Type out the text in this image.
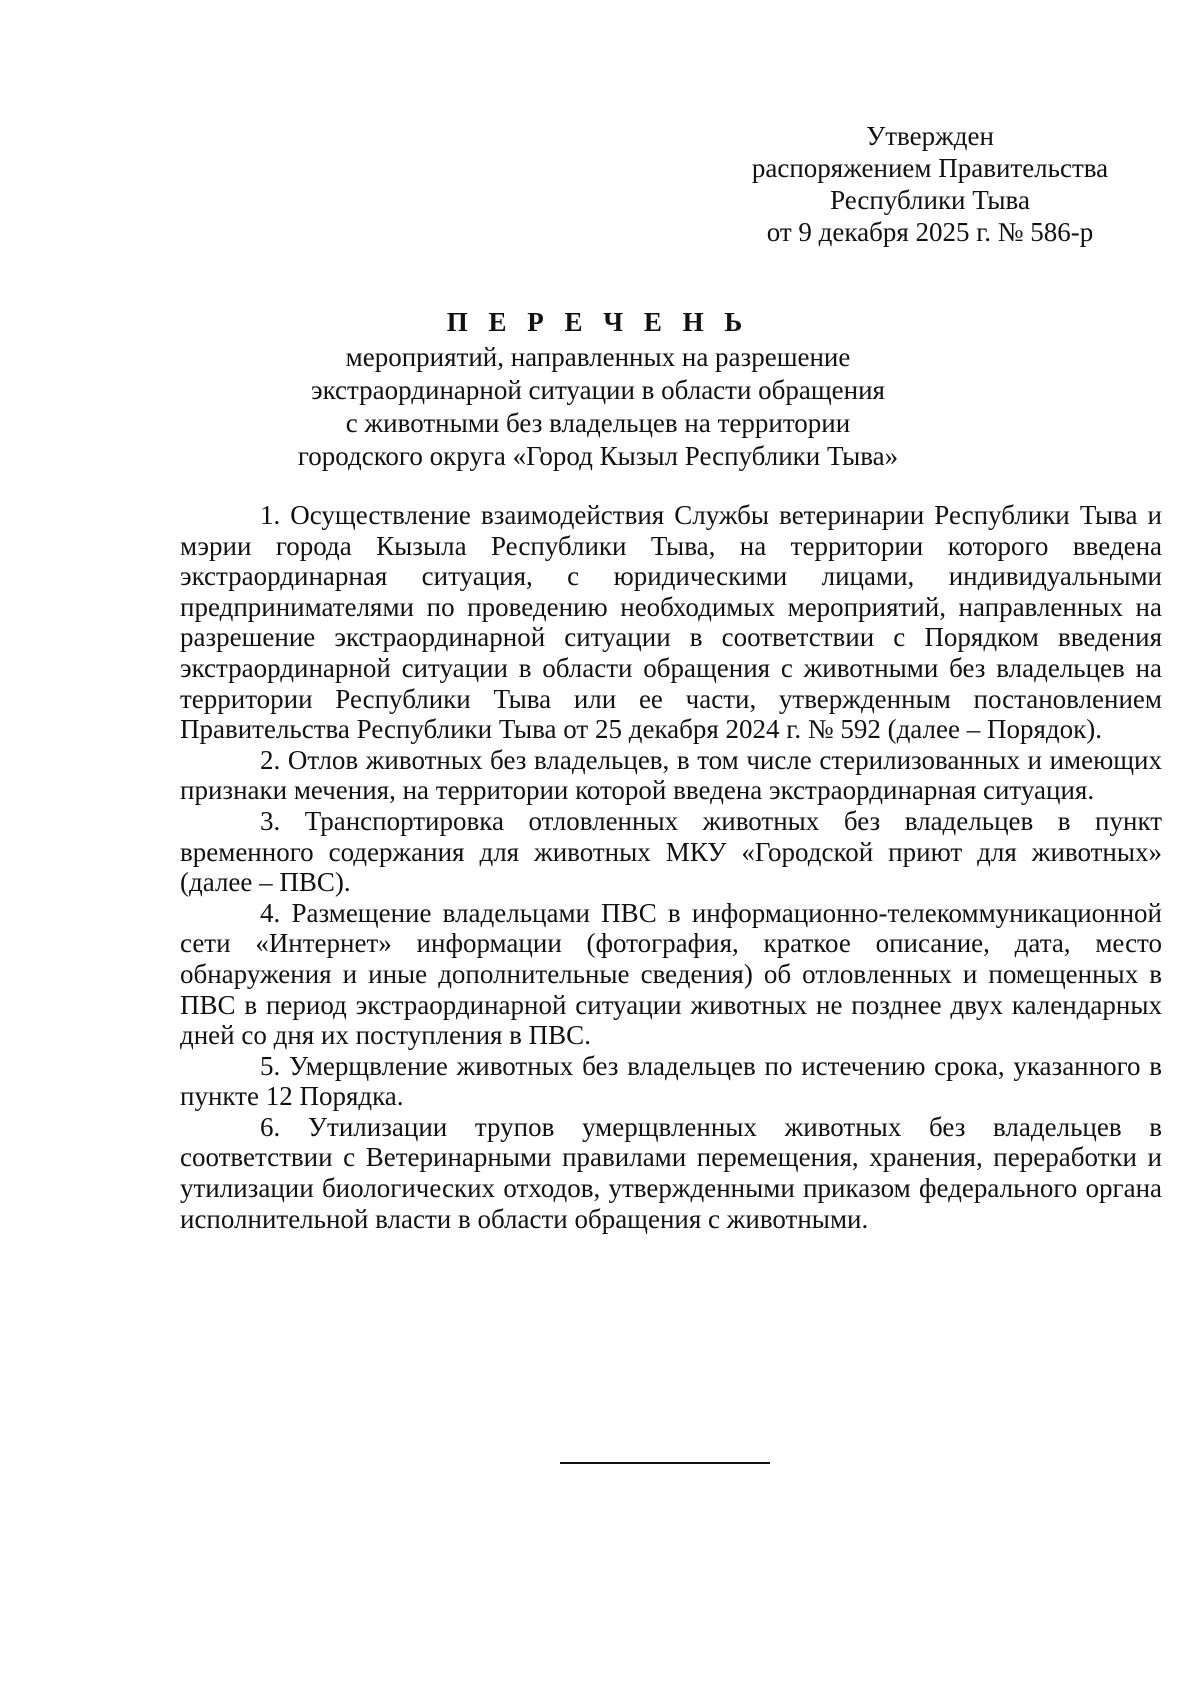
Утвержден
распоряжением Правительства
Республики Тыва
от 9 декабря 2025 г. № 586-р
П Е Р Е Ч Е Н Ь
мероприятий, направленных на разрешение
экстраординарной ситуации в области обращения
с животными без владельцев на территории
городского округа «Город Кызыл Республики Тыва»

1. Осуществление взаимодействия Службы ветеринарии Республики Тыва и мэрии города Кызыла Республики Тыва, на территории которого введена экстраординарная ситуация, с юридическими лицами, индивидуальными предпринимателями по проведению необходимых мероприятий, направленных на разрешение экстраординарной ситуации в соответствии с Порядком введения экстраординарной ситуации в области обращения с животными без владельцев на территории Республики Тыва или ее части, утвержденным постановлением Правительства Республики Тыва от 25 декабря 2024 г. № 592 (далее – Порядок).

2. Отлов животных без владельцев, в том числе стерилизованных и имеющих признаки мечения, на территории которой введена экстраординарная ситуация.

3. Транспортировка отловленных животных без владельцев в пункт временного содержания для животных МКУ «Городской приют для животных» (далее – ПВС).

4. Размещение владельцами ПВС в информационно-телекоммуникационной сети «Интернет» информации (фотография, краткое описание, дата, место обнаружения и иные дополнительные сведения) об отловленных и помещенных в ПВС в период экстраординарной ситуации животных не позднее двух календарных дней со дня их поступления в ПВС.

5. Умерщвление животных без владельцев по истечению срока, указанного в пункте 12 Порядка.

6. Утилизации трупов умерщвленных животных без владельцев в соответствии с Ветеринарными правилами перемещения, хранения, переработки и утилизации биологических отходов, утвержденными приказом федерального органа исполнительной власти в области обращения с животными.
